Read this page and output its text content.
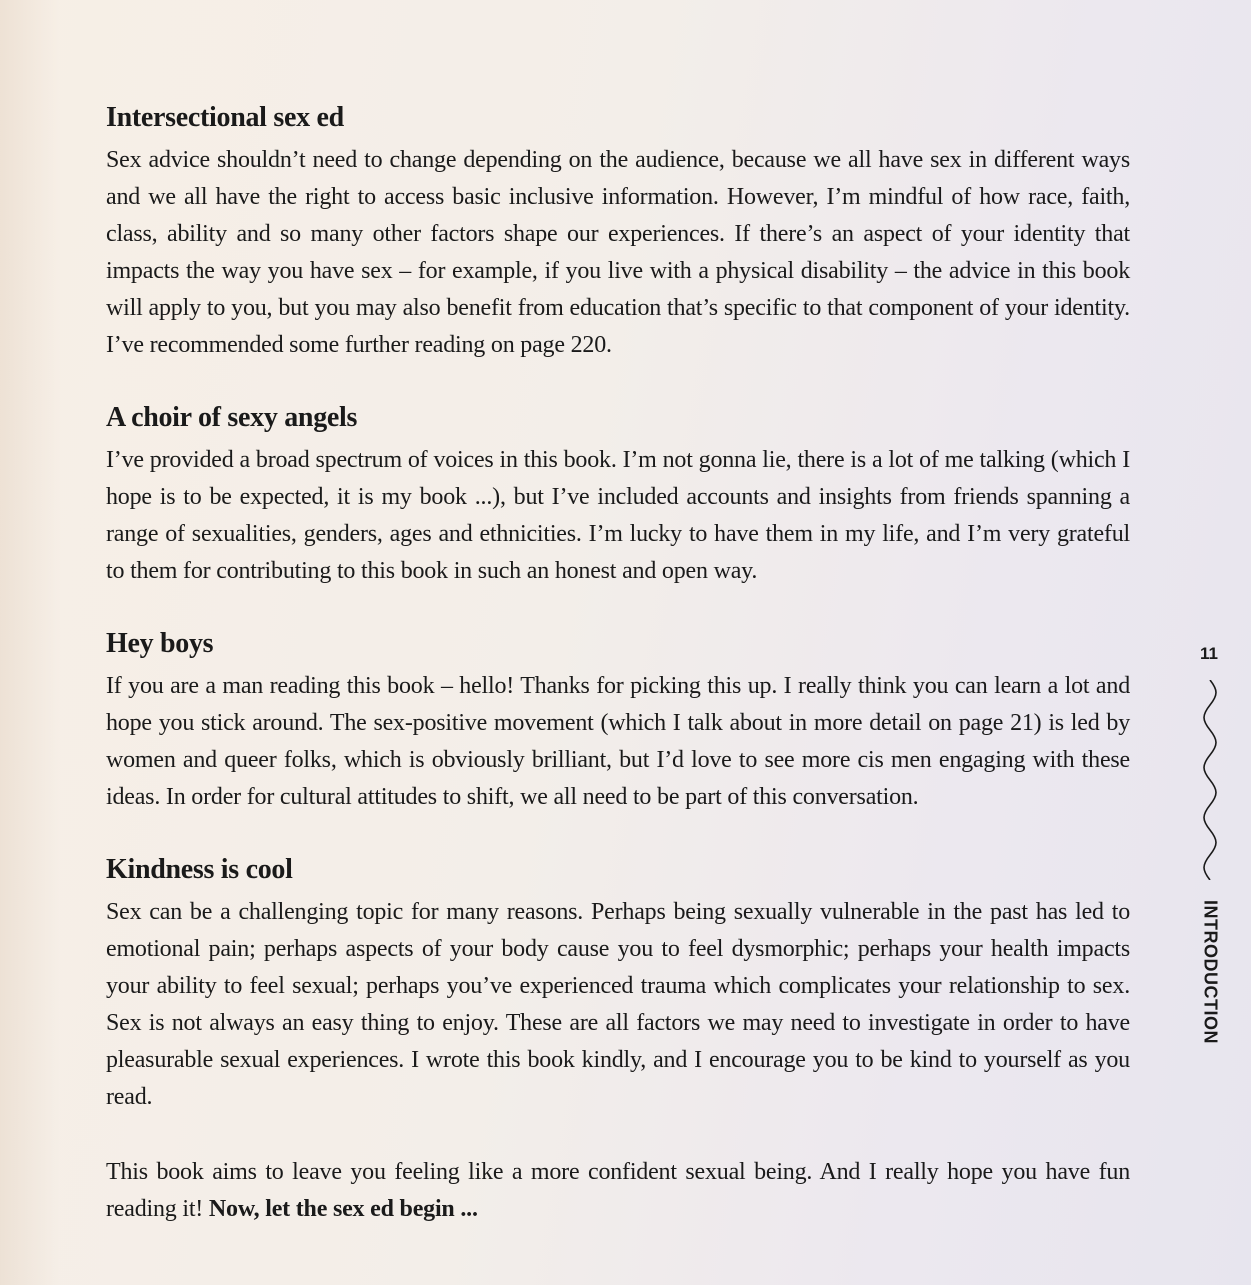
Intersectional sex ed

Sex advice shouldn’t need to change depending on the audience, because we all have sex in different ways and we all have the right to access basic inclusive information. However, I’m mindful of how race, faith, class, ability and so many other factors shape our experiences. If there’s an aspect of your identity that impacts the way you have sex – for example, if you live with a physical disability – the advice in this book will apply to you, but you may also benefit from education that’s specific to that component of your identity. I’ve recommended some further reading on page 220.

A choir of sexy angels

I’ve provided a broad spectrum of voices in this book. I’m not gonna lie, there is a lot of me talking (which I hope is to be expected, it is my book ...), but I’ve included accounts and insights from friends spanning a range of sexualities, genders, ages and ethnicities. I’m lucky to have them in my life, and I’m very grateful to them for contributing to this book in such an honest and open way.

Hey boys

If you are a man reading this book – hello! Thanks for picking this up. I really think you can learn a lot and hope you stick around. The sex-positive movement (which I talk about in more detail on page 21) is led by women and queer folks, which is obviously brilliant, but I’d love to see more cis men engaging with these ideas. In order for cultural attitudes to shift, we all need to be part of this conversation.

Kindness is cool

Sex can be a challenging topic for many reasons. Perhaps being sexually vulnerable in the past has led to emotional pain; perhaps aspects of your body cause you to feel dysmorphic; perhaps your health impacts your ability to feel sexual; perhaps you’ve experienced trauma which complicates your relationship to sex. Sex is not always an easy thing to enjoy. These are all factors we may need to investigate in order to have pleasurable sexual experiences. I wrote this book kindly, and I encourage you to be kind to yourself as you read.

This book aims to leave you feeling like a more confident sexual being. And I really hope you have fun reading it! Now, let the sex ed begin ...

11
INTRODUCTION
